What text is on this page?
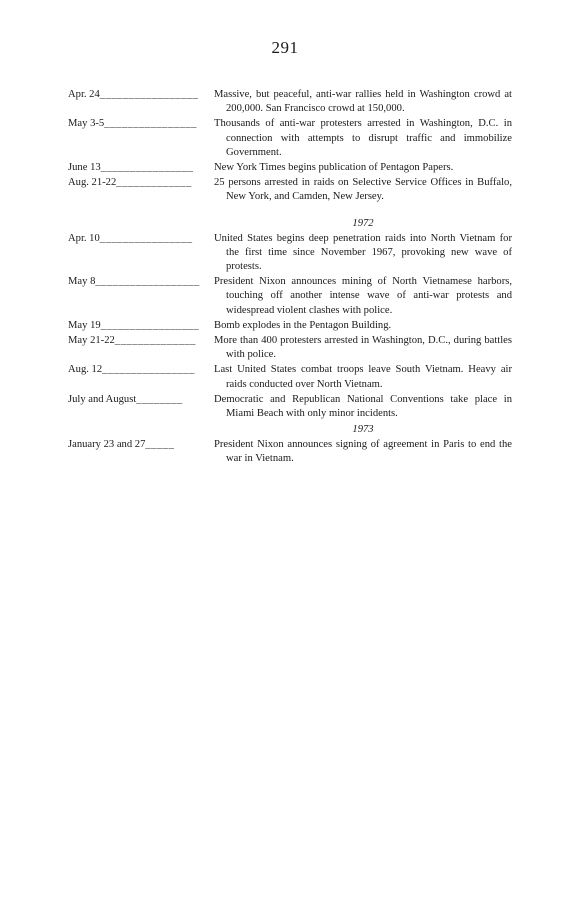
291
Apr. 24_________________	Massive, but peaceful, anti-war rallies held in Washington crowd at 200,000. San Francisco crowd at 150,000.
May 3-5________________	Thousands of anti-war protesters arrested in Washington, D.C. in connection with attempts to disrupt traffic and immobilize Government.
June 13________________	New York Times begins publication of Pentagon Papers.
Aug. 21-22_____________	25 persons arrested in raids on Selective Service Offices in Buffalo, New York, and Camden, New Jersey.
1972
Apr. 10________________	United States begins deep penetration raids into North Vietnam for the first time since November 1967, provoking new wave of protests.
May 8__________________	President Nixon announces mining of North Vietnamese harbors, touching off another intense wave of anti-war protests and widespread violent clashes with police.
May 19_________________	Bomb explodes in the Pentagon Building.
May 21-22______________	More than 400 protesters arrested in Washington, D.C., during battles with police.
Aug. 12________________	Last United States combat troops leave South Vietnam. Heavy air raids conducted over North Vietnam.
July and August________	Democratic and Republican National Conventions take place in Miami Beach with only minor incidents.
1973
January 23 and 27_____	President Nixon announces signing of agreement in Paris to end the war in Vietnam.
